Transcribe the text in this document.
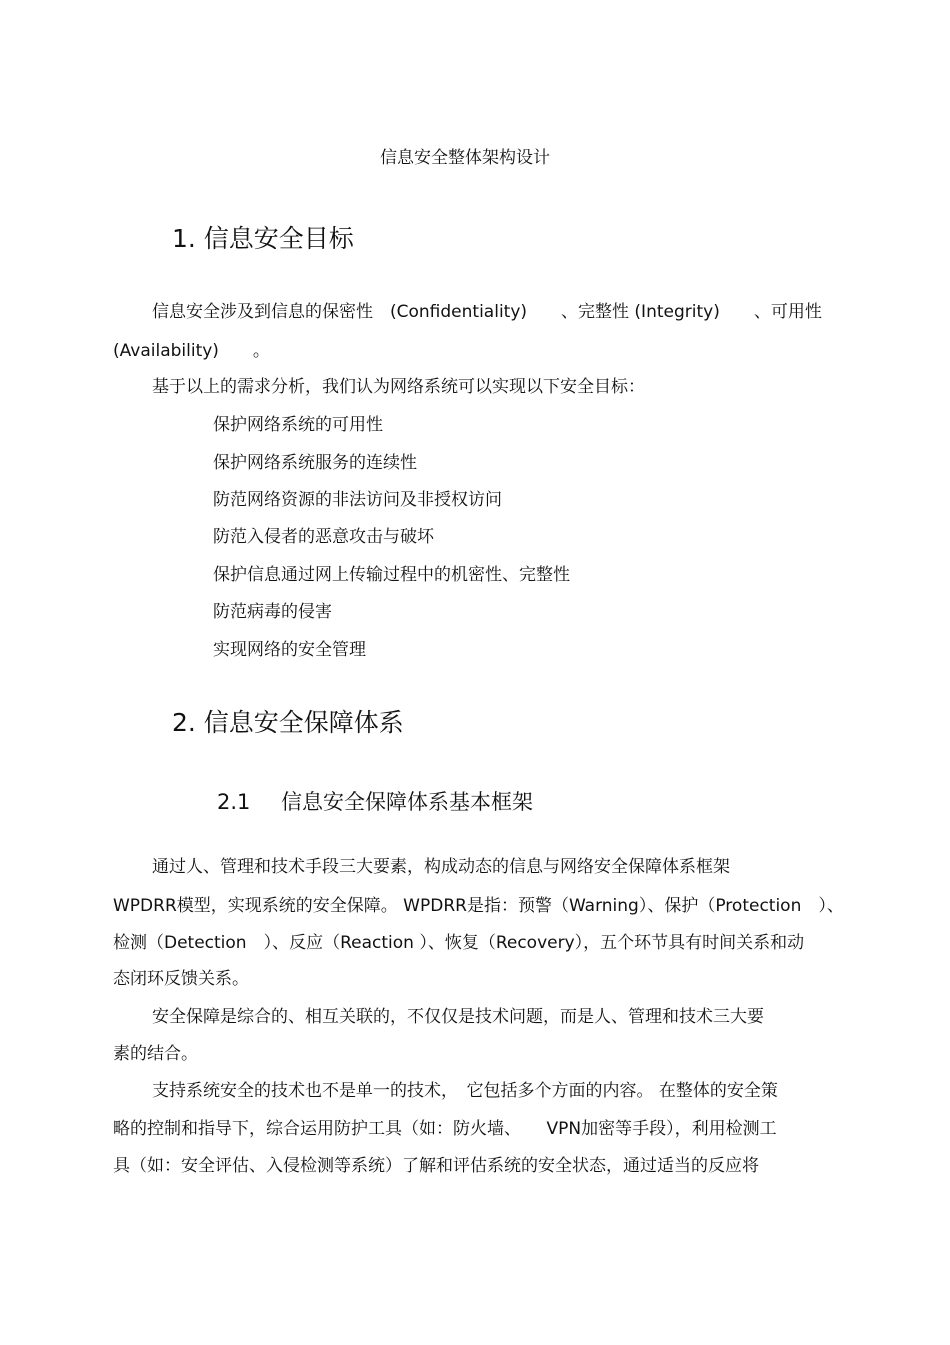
信息安全整体架构设计
1. 信息安全目标
信息安全涉及到信息的保密性　(Confidentiality)　　、完整性 (Integrity)　　、可用性
(Availability)　　。
基于以上的需求分析，我们认为网络系统可以实现以下安全目标：
保护网络系统的可用性
保护网络系统服务的连续性
防范网络资源的非法访问及非授权访问
防范入侵者的恶意攻击与破坏
保护信息通过网上传输过程中的机密性、完整性
防范病毒的侵害
实现网络的安全管理
2. 信息安全保障体系
2.1 信息安全保障体系基本框架
通过人、管理和技术手段三大要素，构成动态的信息与网络安全保障体系框架
WPDRR模型，实现系统的安全保障。 WPDRR是指：预警（Warning）、保护（Protection　）、
检测（Detection　）、反应（Reaction ）、恢复（Recovery），五个环节具有时间关系和动
态闭环反馈关系。
安全保障是综合的、相互关联的，不仅仅是技术问题，而是人、管理和技术三大要
素的结合。
支持系统安全的技术也不是单一的技术，　它包括多个方面的内容。 在整体的安全策
略的控制和指导下，综合运用防护工具（如：防火墙、　　VPN加密等手段），利用检测工
具（如：安全评估、入侵检测等系统）了解和评估系统的安全状态，通过适当的反应将
